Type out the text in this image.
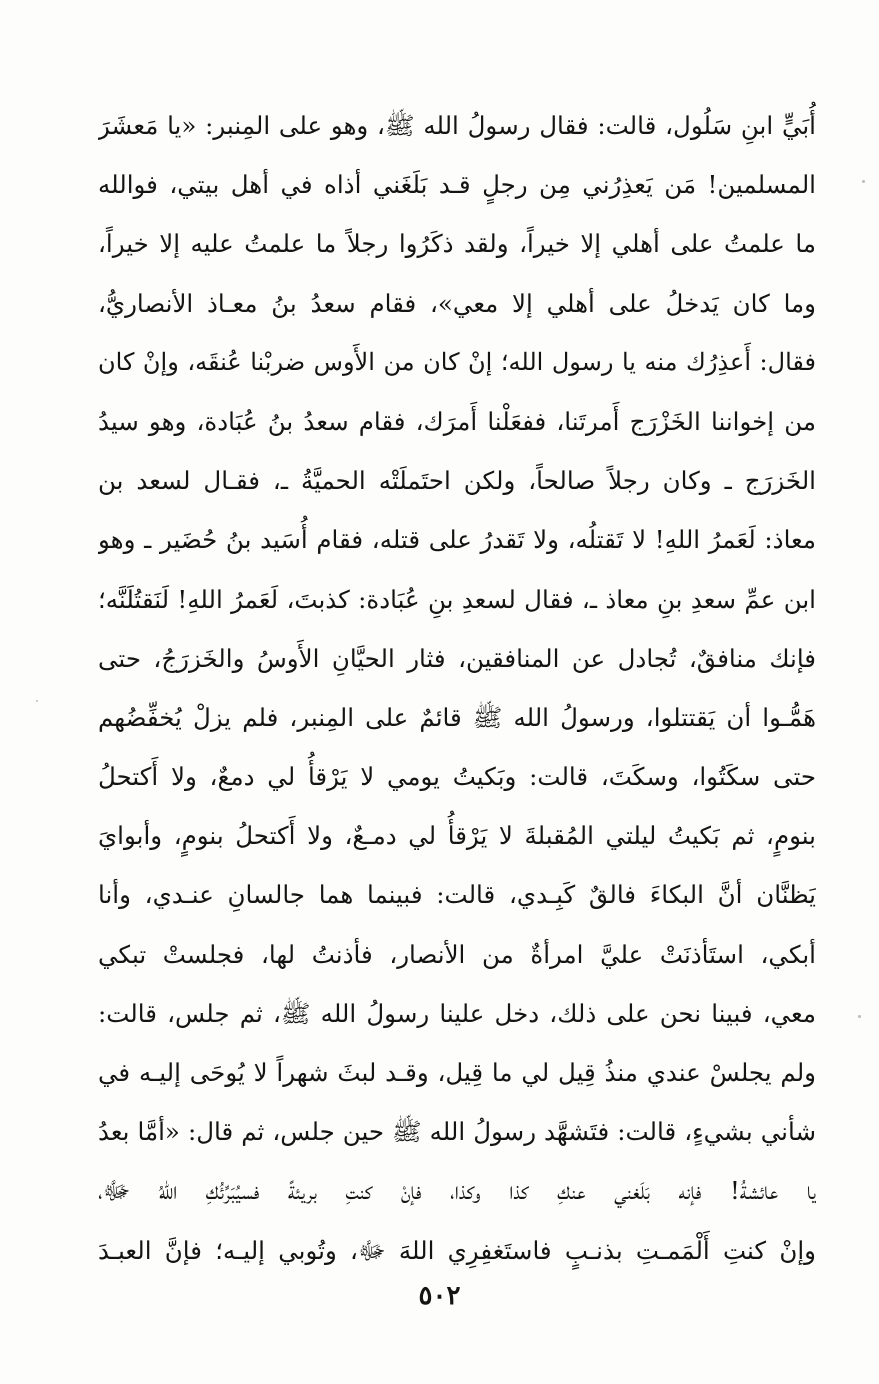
أُبَيٍّ ابنِ سَلُول، قالت: فقال رسولُ الله ﷺ، وهو على المِنبر: «يا مَعشَرَ
المسلمين! مَن يَعذِرُني مِن رجلٍ قـد بَلَغَني أذاه في أهل بيتي، فوالله
ما علمتُ على أهلي إلا خيراً، ولقد ذكَرُوا رجلاً ما علمتُ عليه إلا خيراً،
وما كان يَدخلُ على أهلي إلا معي»، فقام سعدُ بنُ معـاذ الأنصاريُّ،
فقال: أَعذِرُك منه يا رسول الله؛ إنْ كان من الأَوس ضربْنا عُنقَه، وإنْ كان
من إخواننا الخَزْرَج أَمرتَنا، ففعَلْنا أَمرَك، فقام سعدُ بنُ عُبَادة، وهو سيدُ
الخَزرَج ـ وكان رجلاً صالحاً، ولكن احتَملَتْه الحميَّةُ ـ، فقـال لسعد بن
معاذ: لَعَمرُ اللهِ! لا تَقتلُه، ولا تَقدرُ على قتله، فقام أُسَيد بنُ حُضَير ـ وهو
ابن عمِّ سعدِ بنِ معاذ ـ، فقال لسعدِ بنِ عُبَادة: كذبتَ، لَعَمرُ اللهِ! لَنَقتُلَنَّه؛
فإنك منافقٌ، تُجادل عن المنافقين، فثار الحيَّانِ الأَوسُ والخَزرَجُ، حتى
هَمُّـوا أن يَقتتلوا، ورسولُ الله ﷺ قائمٌ على المِنبر، فلم يزلْ يُخفِّضُهم
حتى سكَتُوا، وسكَتَ، قالت: وبَكيتُ يومي لا يَرْقأُ لي دمعٌ، ولا أَكتحلُ
بنومٍ، ثم بَكيتُ ليلتي المُقبلةَ لا يَرْقأُ لي دمـعٌ، ولا أَكتحلُ بنومٍ، وأبوايَ
يَظنَّان أنَّ البكاءَ فالقٌ كَبِـدي، قالت: فبينما هما جالسانِ عنـدي، وأنا
أبكي، استَأذنَتْ عليَّ امرأةٌ من الأنصار، فأذنتُ لها، فجلستْ تبكي
معي، فبينا نحن على ذلك، دخل علينا رسولُ الله ﷺ، ثم جلس، قالت:
ولم يجلسْ عندي منذُ قِيل لي ما قِيل، وقـد لبثَ شهراً لا يُوحَى إليـه في
شأني بشيءٍ، قالت: فتَشهَّد رسولُ الله ﷺ حين جلس، ثم قال: «أمَّا بعدُ
يا عائشةُ! فإنه بَلَغني عنكِ كذا وكذا، فإنْ كنتِ بريئةً فسيُبَرِّئُكِ اللهُ ﷻ،
وإنْ كنتِ أَلْمَمـتِ بذنـبٍ فاستَغفِرِي اللهَ ﷻ، وتُوبي إليـه؛ فإنَّ العبـدَ
٥٠٢
